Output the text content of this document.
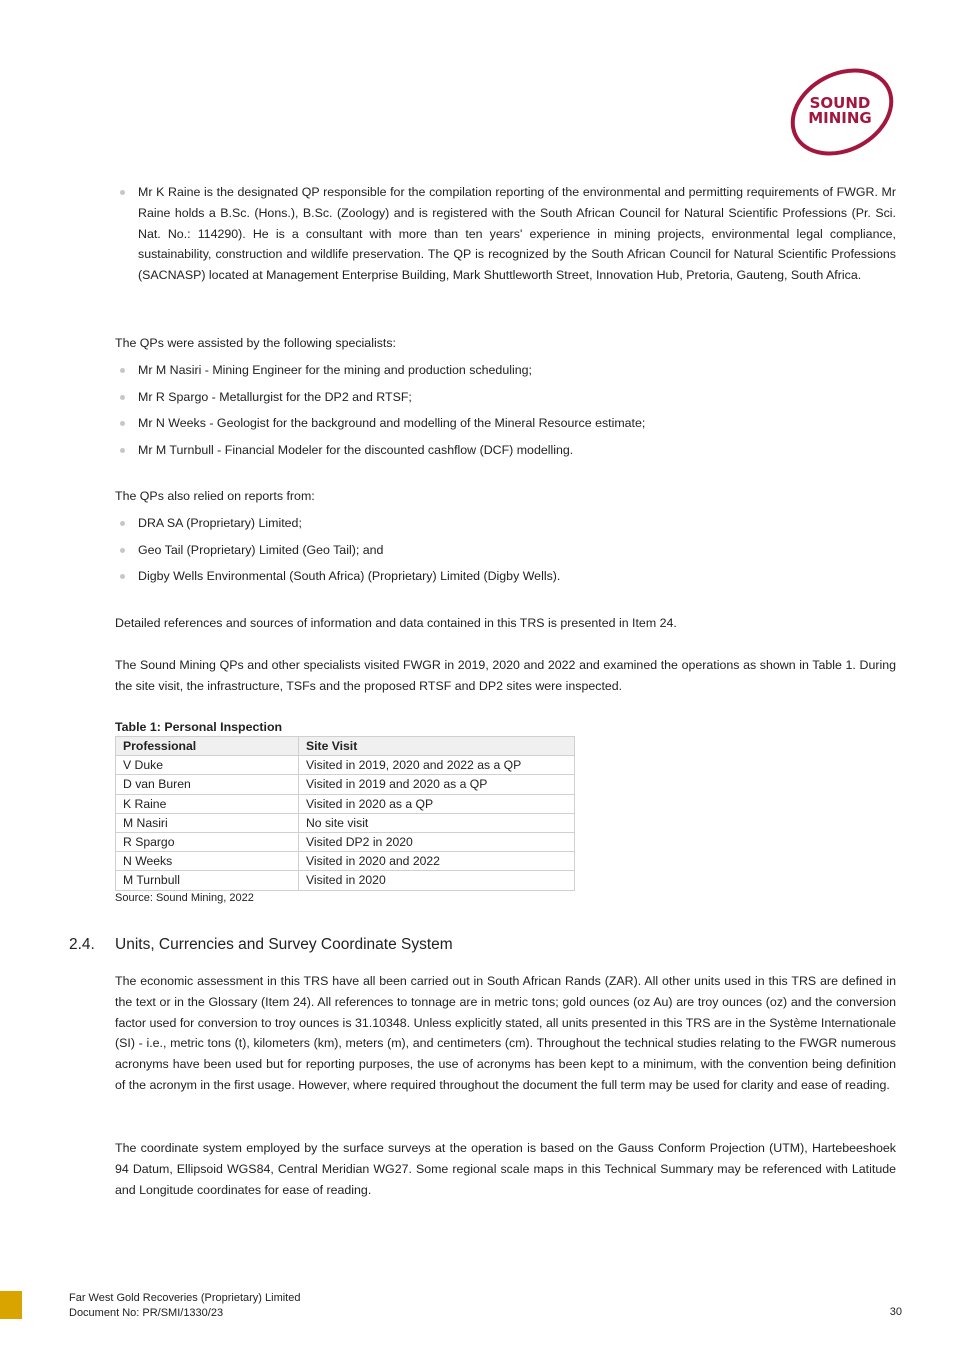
SOUND
MINING
Mr K Raine is the designated QP responsible for the compilation reporting of the environmental and permitting requirements of FWGR. Mr Raine holds a B.Sc. (Hons.), B.Sc. (Zoology) and is registered with the South African Council for Natural Scientific Professions (Pr. Sci. Nat. No.: 114290). He is a consultant with more than ten years' experience in mining projects, environmental legal compliance, sustainability, construction and wildlife preservation. The QP is recognized by the South African Council for Natural Scientific Professions (SACNASP) located at Management Enterprise Building, Mark Shuttleworth Street, Innovation Hub, Pretoria, Gauteng, South Africa.

The QPs were assisted by the following specialists:

Mr M Nasiri - Mining Engineer for the mining and production scheduling;
Mr R Spargo - Metallurgist for the DP2 and RTSF;
Mr N Weeks - Geologist for the background and modelling of the Mineral Resource estimate;
Mr M Turnbull - Financial Modeler for the discounted cashflow (DCF) modelling.

The QPs also relied on reports from:

DRA SA (Proprietary) Limited;
Geo Tail (Proprietary) Limited (Geo Tail); and
Digby Wells Environmental (South Africa) (Proprietary) Limited (Digby Wells).

Detailed references and sources of information and data contained in this TRS is presented in Item 24.

The Sound Mining QPs and other specialists visited FWGR in 2019, 2020 and 2022 and examined the operations as shown in Table 1. During the site visit, the infrastructure, TSFs and the proposed RTSF and DP2 sites were inspected.

Table 1: Personal Inspection
Professional	Site Visit
V Duke	Visited in 2019, 2020 and 2022 as a QP
D van Buren	Visited in 2019 and 2020 as a QP
K Raine	Visited in 2020 as a QP
M Nasiri	No site visit
R Spargo	Visited DP2 in 2020
N Weeks	Visited in 2020 and 2022
M Turnbull	Visited in 2020
Source: Sound Mining, 2022
2.4. Units, Currencies and Survey Coordinate System

The economic assessment in this TRS have all been carried out in South African Rands (ZAR). All other units used in this TRS are defined in the text or in the Glossary (Item 24). All references to tonnage are in metric tons; gold ounces (oz Au) are troy ounces (oz) and the conversion factor used for conversion to troy ounces is 31.10348. Unless explicitly stated, all units presented in this TRS are in the Système Internationale (SI) - i.e., metric tons (t), kilometers (km), meters (m), and centimeters (cm). Throughout the technical studies relating to the FWGR numerous acronyms have been used but for reporting purposes, the use of acronyms has been kept to a minimum, with the convention being definition of the acronym in the first usage. However, where required throughout the document the full term may be used for clarity and ease of reading.

The coordinate system employed by the surface surveys at the operation is based on the Gauss Conform Projection (UTM), Hartebeeshoek 94 Datum, Ellipsoid WGS84, Central Meridian WG27. Some regional scale maps in this Technical Summary may be referenced with Latitude and Longitude coordinates for ease of reading.

Far West Gold Recoveries (Proprietary) Limited
Document No: PR/SMI/1330/23	30
